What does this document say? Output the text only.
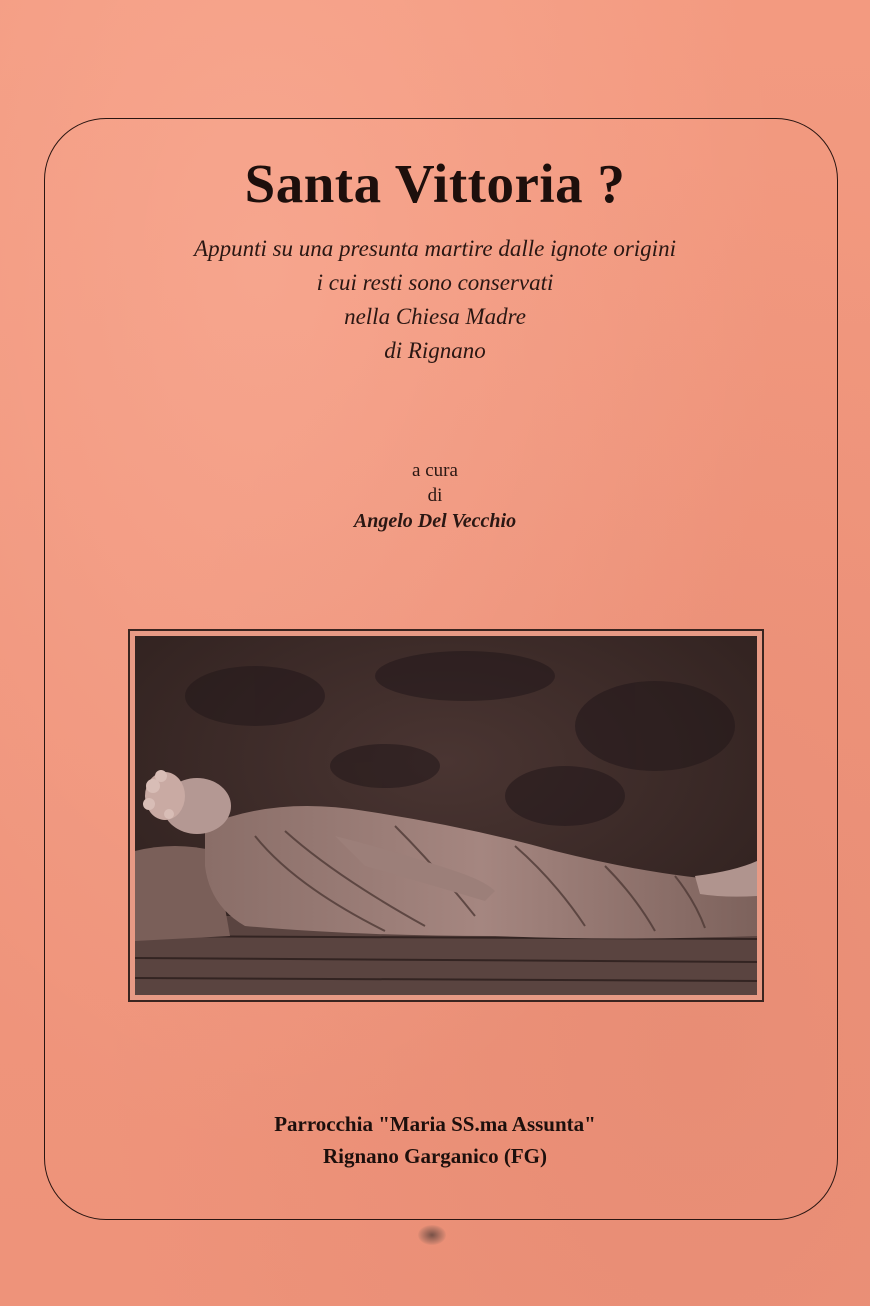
Santa Vittoria ?
Appunti su una presunta martire dalle ignote origini
i cui resti sono conservati
nella Chiesa Madre
di Rignano
a cura
di
Angelo Del Vecchio
Parrocchia "Maria SS.ma Assunta"
Rignano Garganico (FG)
